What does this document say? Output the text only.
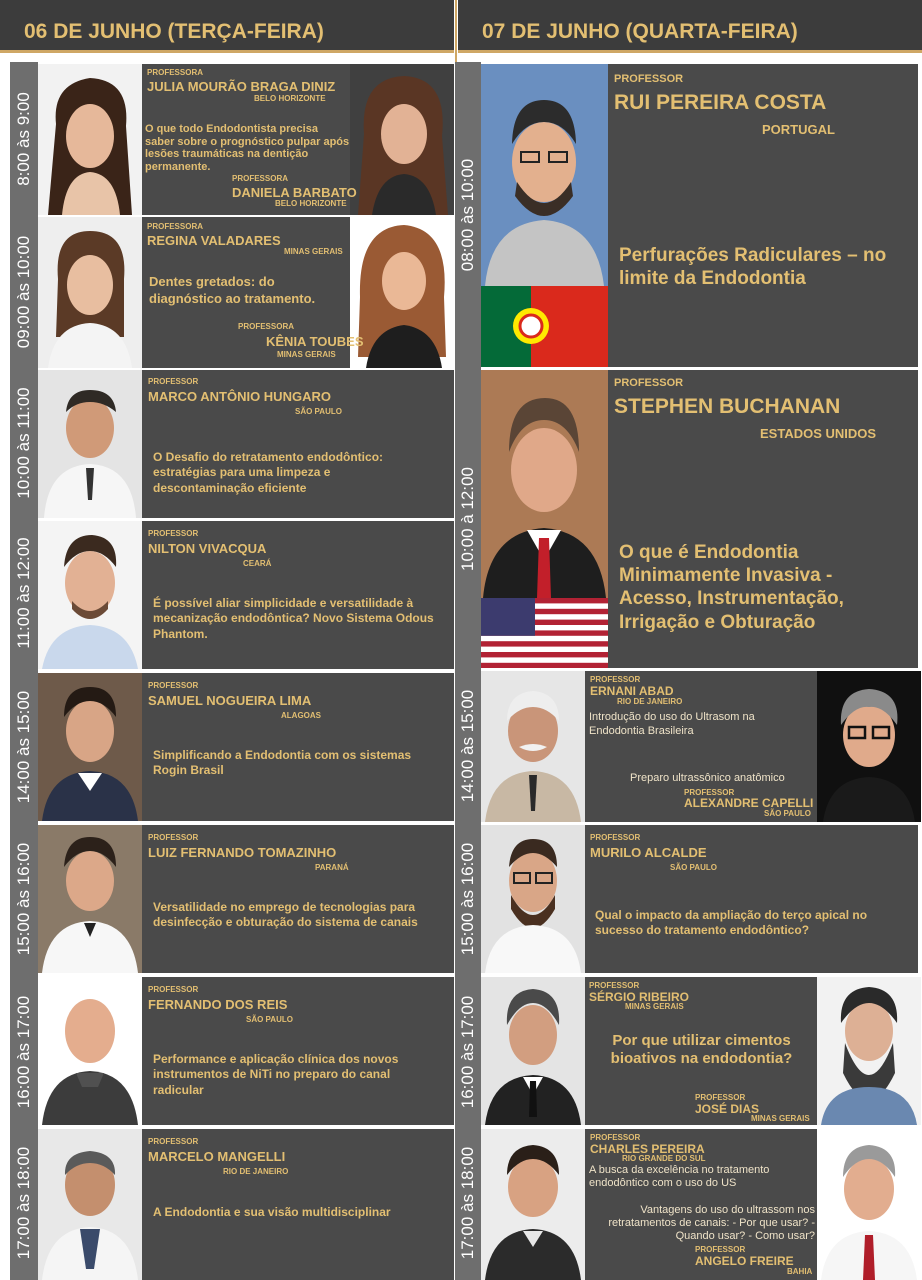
06 DE JUNHO (TERÇA-FEIRA)	07 DE JUNHO (QUARTA-FEIRA)
8:00 às 9:00
PROFESSORA
JULIA MOURÃO BRAGA DINIZ
BELO HORIZONTE
O que todo Endodontista precisa saber sobre o prognóstico pulpar após lesões traumáticas na dentição permanente.
PROFESSORA
DANIELA BARBATO
BELO HORIZONTE
09:00 às 10:00
PROFESSORA
REGINA VALADARES
MINAS GERAIS
Dentes gretados: do diagnóstico ao tratamento.
PROFESSORA
KÊNIA TOUBES
MINAS GERAIS
10:00 às 11:00
PROFESSOR
MARCO ANTÔNIO HUNGARO
SÃO PAULO
O Desafio do retratamento endodôntico: estratégias para uma limpeza e descontaminação eficiente
11:00 às 12:00
PROFESSOR
NILTON VIVACQUA
CEARÁ
É possível aliar simplicidade e versatilidade à mecanização endodôntica? Novo Sistema Odous Phantom.
14:00 às 15:00
PROFESSOR
SAMUEL NOGUEIRA LIMA
ALAGOAS
Simplificando a Endodontia com os sistemas Rogin Brasil
15:00 às 16:00
PROFESSOR
LUIZ FERNANDO TOMAZINHO
PARANÁ
Versatilidade no emprego de tecnologias para desinfecção e obturação do sistema de canais
16:00 às 17:00
PROFESSOR
FERNANDO DOS REIS
SÃO PAULO
Performance e aplicação clínica dos novos instrumentos de NiTi no preparo do canal radicular
17:00 às 18:00
PROFESSOR
MARCELO MANGELLI
RIO DE JANEIRO
A Endodontia e sua visão multidisciplinar
08:00 às 10:00
PROFESSOR
RUI PEREIRA COSTA
PORTUGAL
Perfurações Radiculares – no limite da Endodontia
10:00 à 12:00
PROFESSOR
STEPHEN BUCHANAN
ESTADOS UNIDOS
O que é Endodontia Minimamente Invasiva - Acesso, Instrumentação, Irrigação e Obturação
14:00 às 15:00
PROFESSOR
ERNANI ABAD
RIO DE JANEIRO
Introdução do uso do Ultrasom na Endodontia Brasileira
Preparo ultrassônico anatômico
PROFESSOR
ALEXANDRE CAPELLI
SÃO PAULO
15:00 às 16:00
PROFESSOR
MURILO ALCALDE
SÃO PAULO
Qual o impacto da ampliação do terço apical no sucesso do tratamento endodôntico?
16:00 às 17:00
PROFESSOR
SÉRGIO RIBEIRO
MINAS GERAIS
Por que utilizar cimentos bioativos na endodontia?
PROFESSOR
JOSÉ DIAS
MINAS GERAIS
17:00 às 18:00
PROFESSOR
CHARLES PEREIRA
RIO GRANDE DO SUL
A busca da excelência no tratamento endodôntico com o uso do US
Vantagens do uso do ultrassom nos retratamentos de canais: - Por que usar? - Quando usar? - Como usar?
PROFESSOR
ANGELO FREIRE
BAHIA
